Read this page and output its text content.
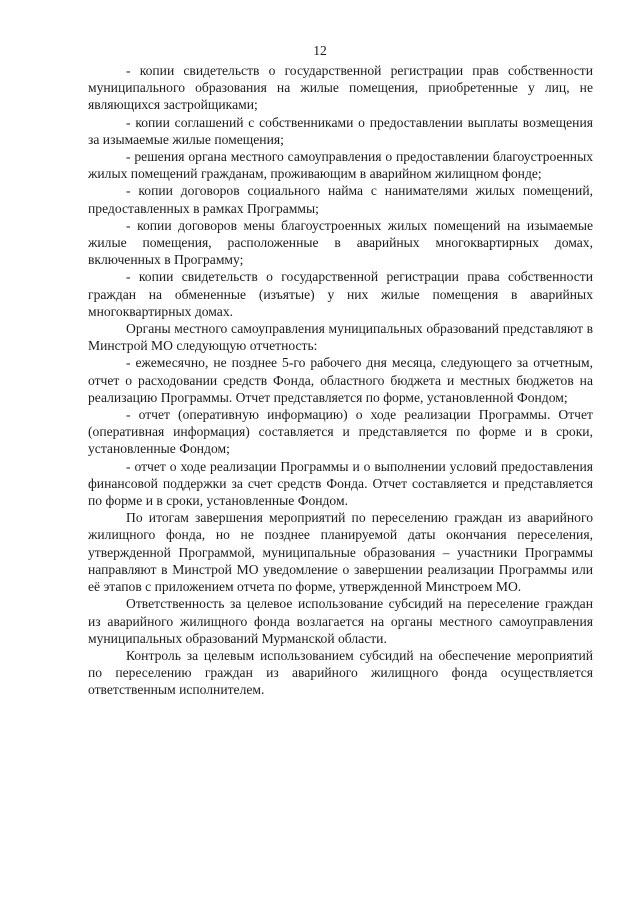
12

- копии свидетельств о государственной регистрации прав собственности муниципального образования на жилые помещения, приобретенные у лиц, не являющихся застройщиками;

- копии соглашений с собственниками о предоставлении выплаты возмещения за изымаемые жилые помещения;

- решения органа местного самоуправления о предоставлении благоустроенных жилых помещений гражданам, проживающим в аварийном жилищном фонде;

- копии договоров социального найма с нанимателями жилых помещений, предоставленных в рамках Программы;

- копии договоров мены благоустроенных жилых помещений на изымаемые жилые помещения, расположенные в аварийных многоквартирных домах, включенных в Программу;

- копии свидетельств о государственной регистрации права собственности граждан на обмененные (изъятые) у них жилые помещения в аварийных многоквартирных домах.

Органы местного самоуправления муниципальных образований представляют в Минстрой МО следующую отчетность:

- ежемесячно, не позднее 5-го рабочего дня месяца, следующего за отчетным, отчет о расходовании средств Фонда, областного бюджета и местных бюджетов на реализацию Программы. Отчет представляется по форме, установленной Фондом;

- отчет (оперативную информацию) о ходе реализации Программы. Отчет (оперативная информация) составляется и представляется по форме и в сроки, установленные Фондом;

- отчет о ходе реализации Программы и о выполнении условий предоставления финансовой поддержки за счет средств Фонда. Отчет составляется и представляется по форме и в сроки, установленные Фондом.

По итогам завершения мероприятий по переселению граждан из аварийного жилищного фонда, но не позднее планируемой даты окончания переселения, утвержденной Программой, муниципальные образования – участники Программы направляют в Минстрой МО уведомление о завершении реализации Программы или её этапов с приложением отчета по форме, утвержденной Минстроем МО.

Ответственность за целевое использование субсидий на переселение граждан из аварийного жилищного фонда возлагается на органы местного самоуправления муниципальных образований Мурманской области.

Контроль за целевым использованием субсидий на обеспечение мероприятий по переселению граждан из аварийного жилищного фонда осуществляется ответственным исполнителем.
